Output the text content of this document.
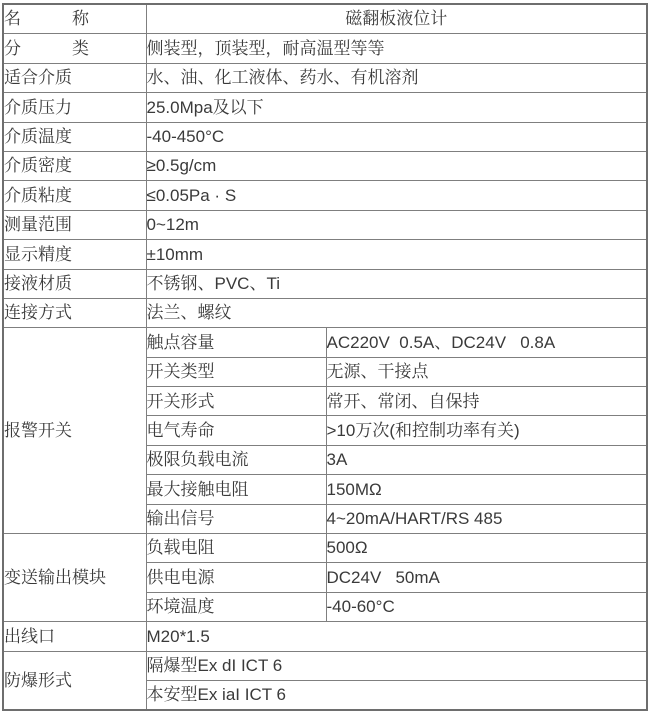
名　　　称	磁翻板液位计	
分　　　类	侧装型，顶装型，耐高温型等等	
适合介质	水、油、化工液体、药水、有机溶剂	
介质压力	25.0Mpa及以下	
介质温度	-40-450°C	
介质密度	≥0.5g/cm	
介质粘度	≤0.05Pa · S	
测量范围	0~12m	
显示精度	±10mm	
接液材质	不锈钢、PVC、Ti	
连接方式	法兰、螺纹	
报警开关	触点容量	AC220V  0.5A、DC24V   0.8A
	开关类型	无源、干接点
	开关形式	常开、常闭、自保持
	电气寿命	>10万次(和控制功率有关)
	极限负载电流	3A
	最大接触电阻	150MΩ
	输出信号	4~20mA/HART/RS 485
变送输出模块	负载电阻	500Ω
	供电电源	DC24V   50mA
	环境温度	-40-60°C
出线口	M20*1.5	
防爆形式	隔爆型Ex dI ICT 6	
	本安型Ex iaI ICT 6	
